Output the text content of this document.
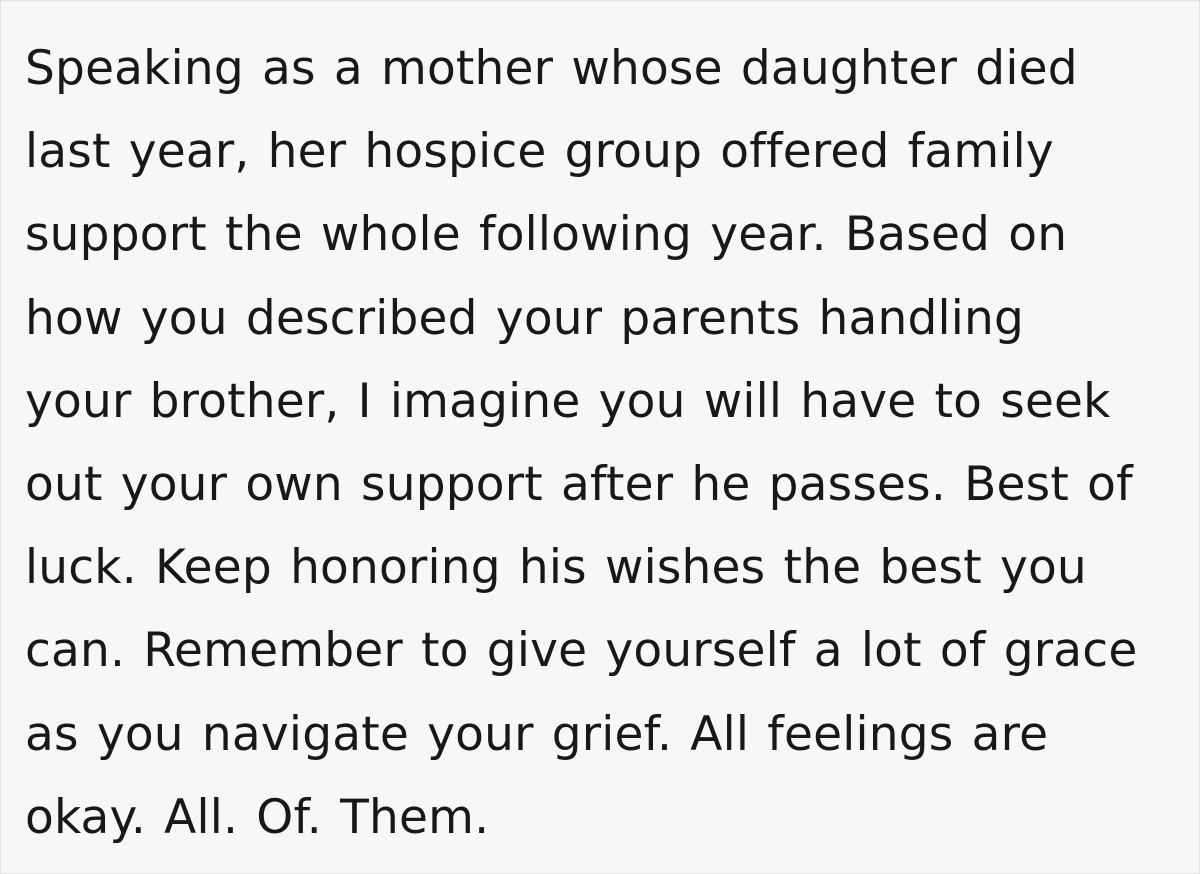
Speaking as a mother whose daughter died last year, her hospice group offered family support the whole following year. Based on how you described your parents handling your brother, I imagine you will have to seek out your own support after he passes. Best of luck. Keep honoring his wishes the best you can. Remember to give yourself a lot of grace as you navigate your grief. All feelings are okay. All. Of. Them.
